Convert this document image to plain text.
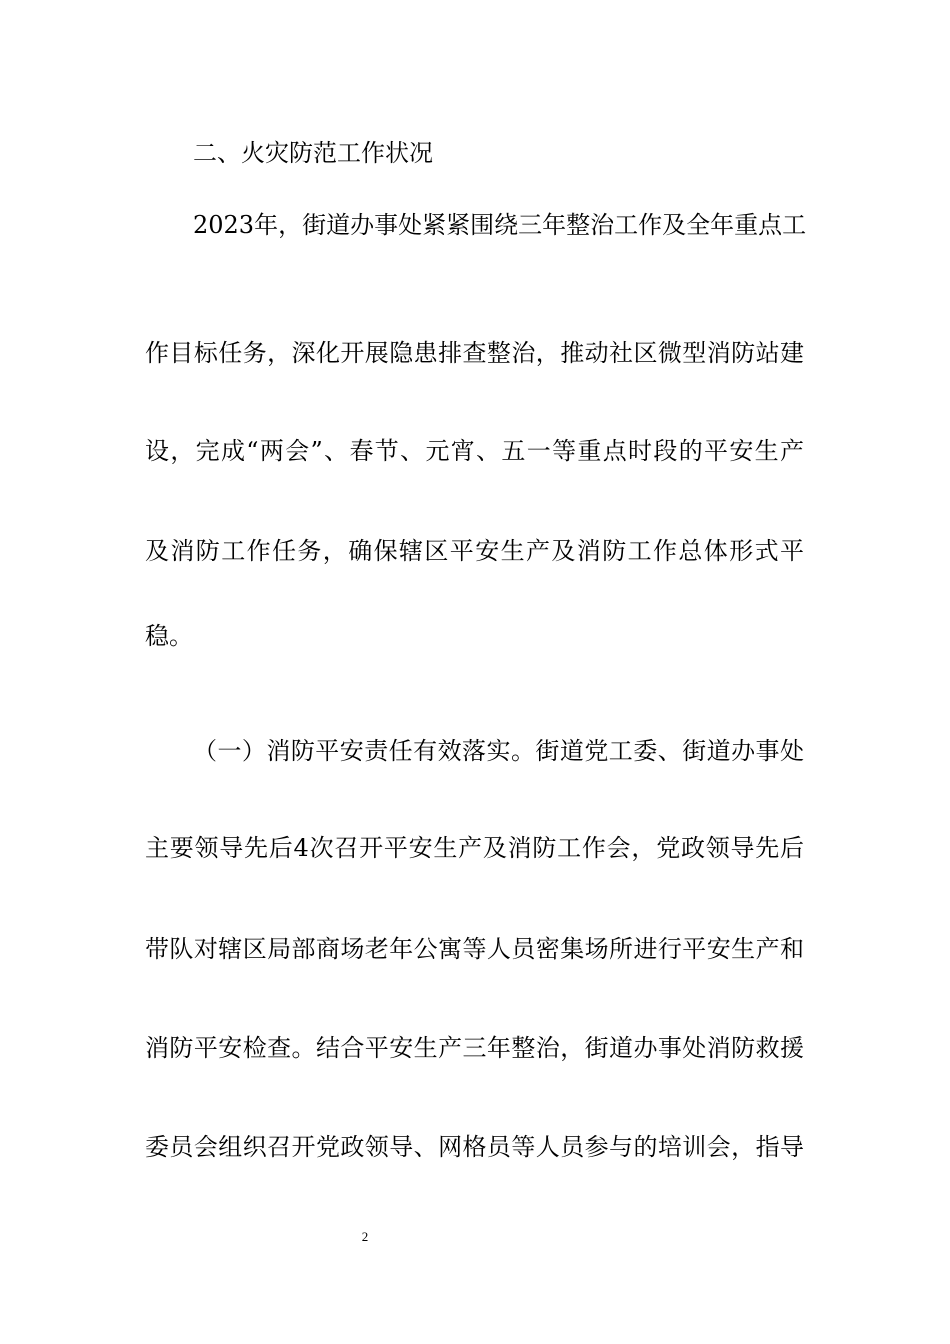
二、火灾防范工作状况

2023年，街道办事处紧紧围绕三年整治工作及全年重点工

作目标任务，深化开展隐患排查整治，推动社区微型消防站建

设，完成“两会”、春节、元宵、五一等重点时段的平安生产

及消防工作任务，确保辖区平安生产及消防工作总体形式平

稳。

（一）消防平安责任有效落实。街道党工委、街道办事处

主要领导先后4次召开平安生产及消防工作会，党政领导先后

带队对辖区局部商场老年公寓等人员密集场所进行平安生产和

消防平安检查。结合平安生产三年整治，街道办事处消防救援

委员会组织召开党政领导、网格员等人员参与的培训会，指导

2
